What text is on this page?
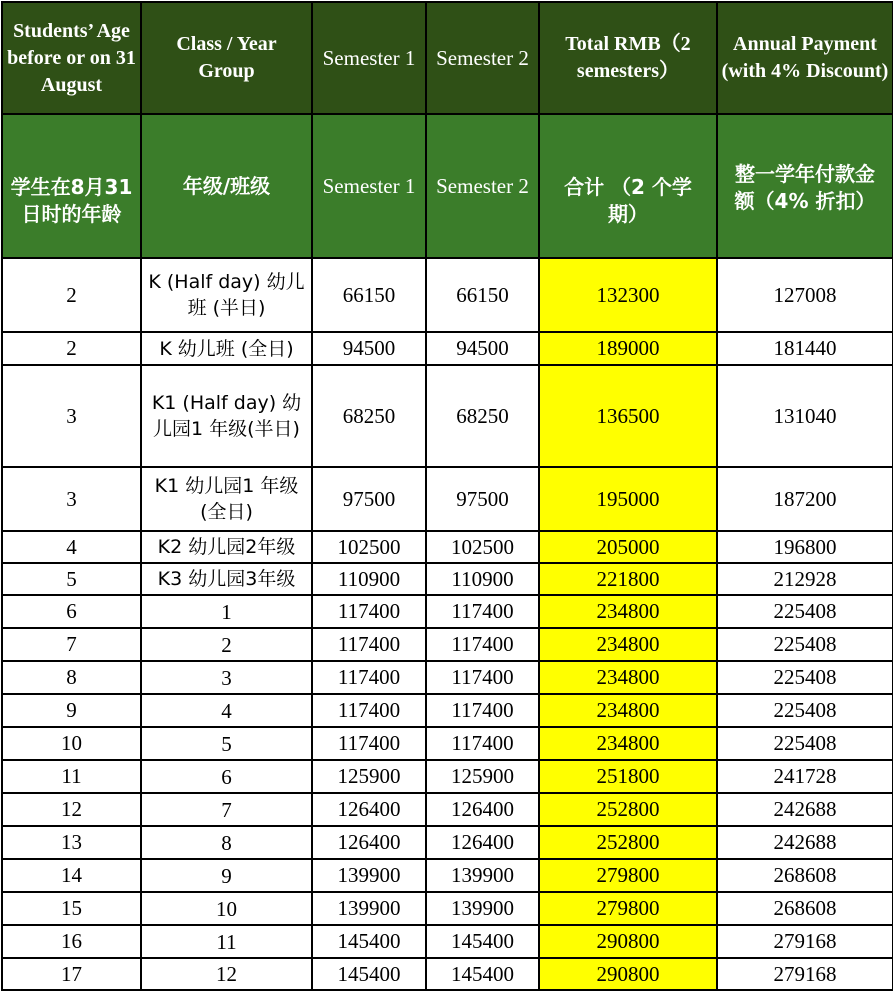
Students’ Age before or on 31 August	Class / Year Group	Semester 1	Semester 2	Total RMB（2 semesters）	Annual Payment (with 4% Discount)
学生在8月31日时的年龄	年级/班级	Semester 1	Semester 2	合计 （2 个学期）	整一学年付款金额（4% 折扣）
2	K (Half day) 幼儿班 (半日)	66150	66150	132300	127008
2	K 幼儿班 (全日)	94500	94500	189000	181440
3	K1 (Half day) 幼儿园1 年级(半日)	68250	68250	136500	131040
3	K1 幼儿园1 年级 (全日)	97500	97500	195000	187200
4	K2 幼儿园2年级	102500	102500	205000	196800
5	K3 幼儿园3年级	110900	110900	221800	212928
6	1	117400	117400	234800	225408
7	2	117400	117400	234800	225408
8	3	117400	117400	234800	225408
9	4	117400	117400	234800	225408
10	5	117400	117400	234800	225408
11	6	125900	125900	251800	241728
12	7	126400	126400	252800	242688
13	8	126400	126400	252800	242688
14	9	139900	139900	279800	268608
15	10	139900	139900	279800	268608
16	11	145400	145400	290800	279168
17	12	145400	145400	290800	279168
